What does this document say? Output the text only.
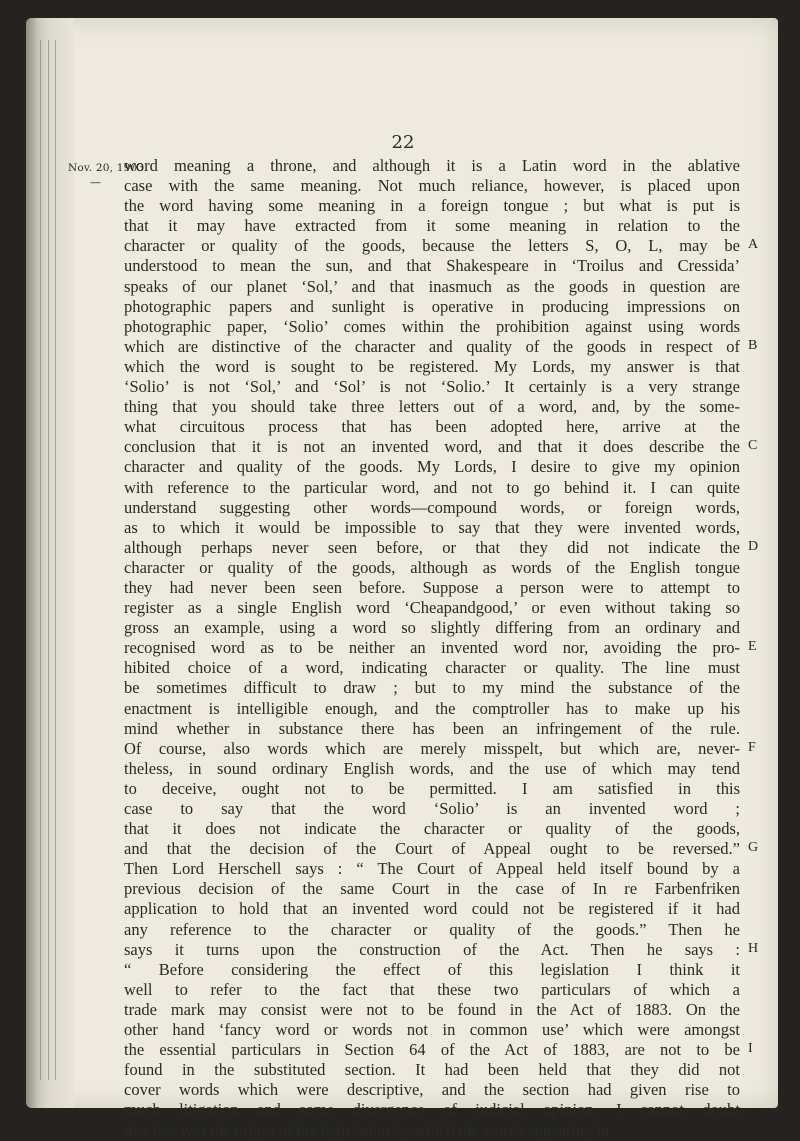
22
Nov. 20, 1903
—
word meaning a throne, and although it is a Latin word in the ablative
case with the same meaning. Not much reliance, however, is placed upon
the word having some meaning in a foreign tongue ; but what is put is
that it may have extracted from it some meaning in relation to the
character or quality of the goods, because the letters S, O, L, may be
understood to mean the sun, and that Shakespeare in ‘Troilus and Cressida’
speaks of our planet ‘Sol,’ and that inasmuch as the goods in question are
photographic papers and sunlight is operative in producing impressions on
photographic paper, ‘Solio’ comes within the prohibition against using words
which are distinctive of the character and quality of the goods in respect of
which the word is sought to be registered. My Lords, my answer is that
‘Solio’ is not ‘Sol,’ and ‘Sol’ is not ‘Solio.’ It certainly is a very strange
thing that you should take three letters out of a word, and, by the some-
what circuitous process that has been adopted here, arrive at the
conclusion that it is not an invented word, and that it does describe the
character and quality of the goods. My Lords, I desire to give my opinion
with reference to the particular word, and not to go behind it. I can quite
understand suggesting other words—compound words, or foreign words,
as to which it would be impossible to say that they were invented words,
although perhaps never seen before, or that they did not indicate the
character or quality of the goods, although as words of the English tongue
they had never been seen before. Suppose a person were to attempt to
register as a single English word ‘Cheapandgood,’ or even without taking so
gross an example, using a word so slightly differing from an ordinary and
recognised word as to be neither an invented word nor, avoiding the pro-
hibited choice of a word, indicating character or quality. The line must
be sometimes difficult to draw ; but to my mind the substance of the
enactment is intelligible enough, and the comptroller has to make up his
mind whether in substance there has been an infringement of the rule.
Of course, also words which are merely misspelt, but which are, never-
theless, in sound ordinary English words, and the use of which may tend
to deceive, ought not to be permitted. I am satisfied in this
case to say that the word ‘Solio’ is an invented word ;
that it does not indicate the character or quality of the goods,
and that the decision of the Court of Appeal ought to be reversed.”
Then Lord Herschell says : “ The Court of Appeal held itself bound by a
previous decision of the same Court in the case of In re Farbenfriken
application to hold that an invented word could not be registered if it had
any reference to the character or quality of the goods.” Then he
says it turns upon the construction of the Act. Then he says :
“ Before considering the effect of this legislation I think it
well to refer to the fact that these two particulars of which a
trade mark may consist were not to be found in the Act of 1883. On the
other hand ‘fancy word or words not in common use’ which were amongst
the essential particulars in Section 64 of the Act of 1883, are not to be
found in the substituted section. It had been held that they did not
cover words which were descriptive, and the section had given rise to
much litigation and some divergence of judicial opinion. I cannot doubt
that this was the origin of the legislation by which the words appearing in
A
B
C
D
E
F
G
H
I
